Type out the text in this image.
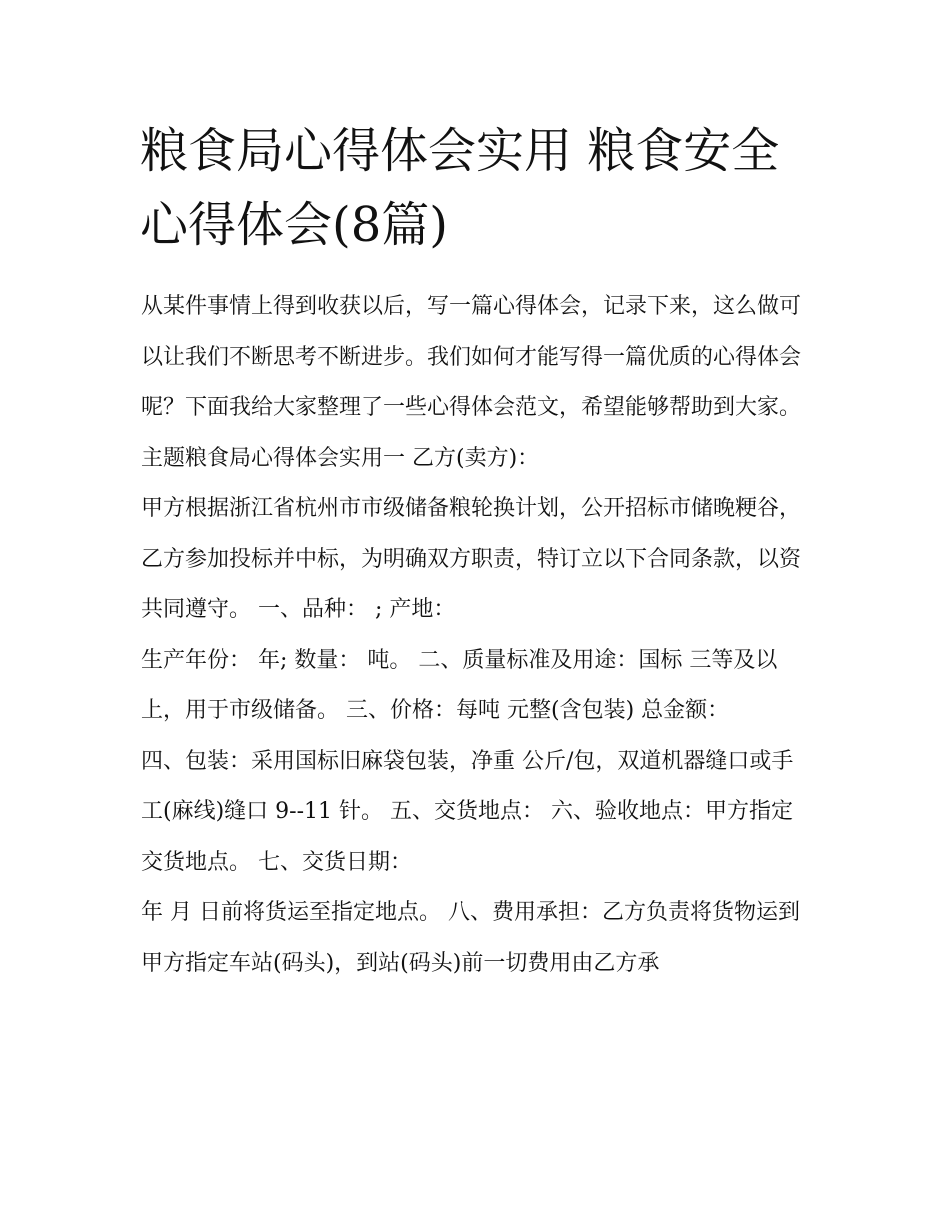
粮食局心得体会实用 粮食安全心得体会(8篇)

从某件事情上得到收获以后，写一篇心得体会，记录下来，这么做可以让我们不断思考不断进步。我们如何才能写得一篇优质的心得体会呢？下面我给大家整理了一些心得体会范文，希望能够帮助到大家。

主题粮食局心得体会实用一 乙方(卖方)：

甲方根据浙江省杭州市市级储备粮轮换计划，公开招标市储晚粳谷，乙方参加投标并中标，为明确双方职责，特订立以下合同条款，以资共同遵守。 一、品种： ; 产地：

生产年份： 年; 数量： 吨。 二、质量标准及用途：国标 三等及以上，用于市级储备。 三、价格：每吨 元整(含包装) 总金额：

四、包装：采用国标旧麻袋包装，净重 公斤/包，双道机器缝口或手工(麻线)缝口 9--11 针。 五、交货地点： 六、验收地点：甲方指定交货地点。 七、交货日期：

年 月 日前将货运至指定地点。 八、费用承担：乙方负责将货物运到甲方指定车站(码头)，到站(码头)前一切费用由乙方承
